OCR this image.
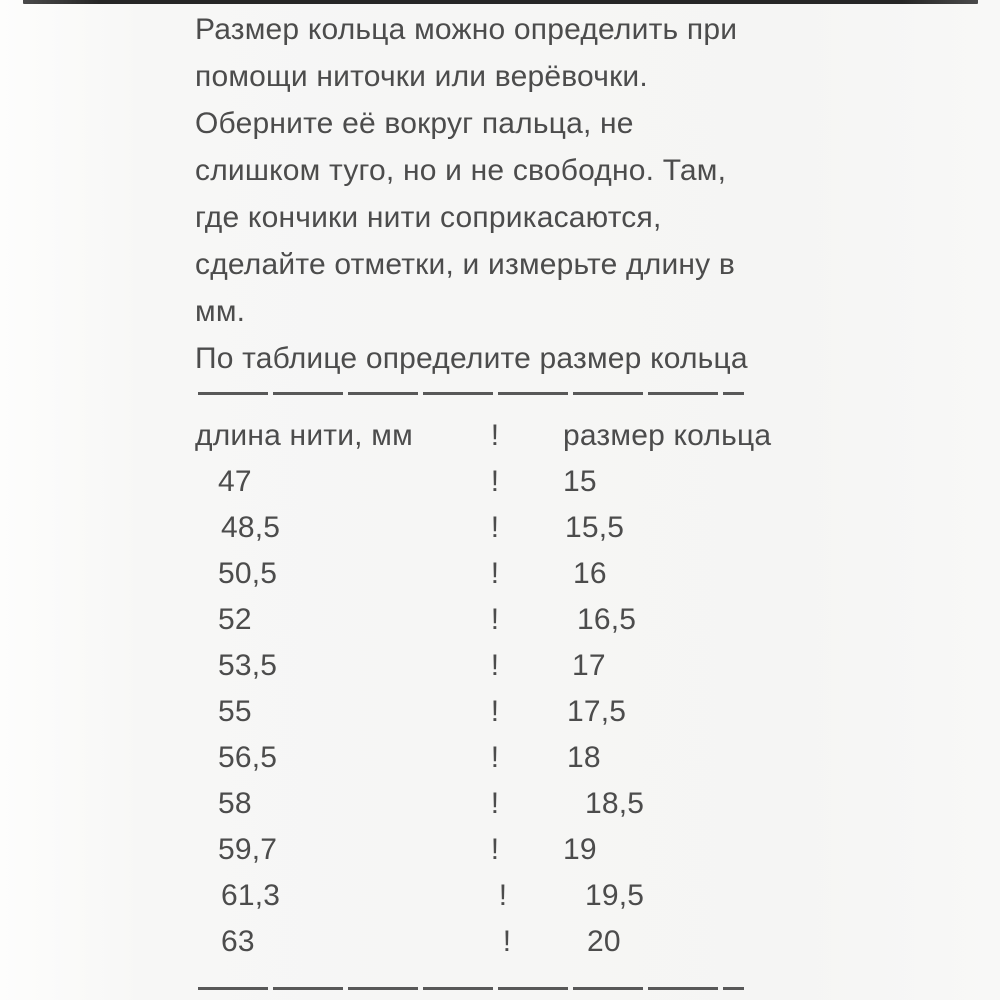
Размер кольца можно определить при
помощи ниточки или верёвочки.
Оберните её вокруг пальца, не
слишком туго, но и не свободно. Там,
где кончики нити соприкасаются,
сделайте отметки, и измерьте длину в
мм.
По таблице определите размер кольца
длина нити, мм	!	размер кольца
47	!	15
48,5	!	15,5
50,5	!	16
52	!	16,5
53,5	!	17
55	!	17,5
56,5	!	18
58	!	18,5
59,7	!	19
61,3	!	19,5
63	!	20
